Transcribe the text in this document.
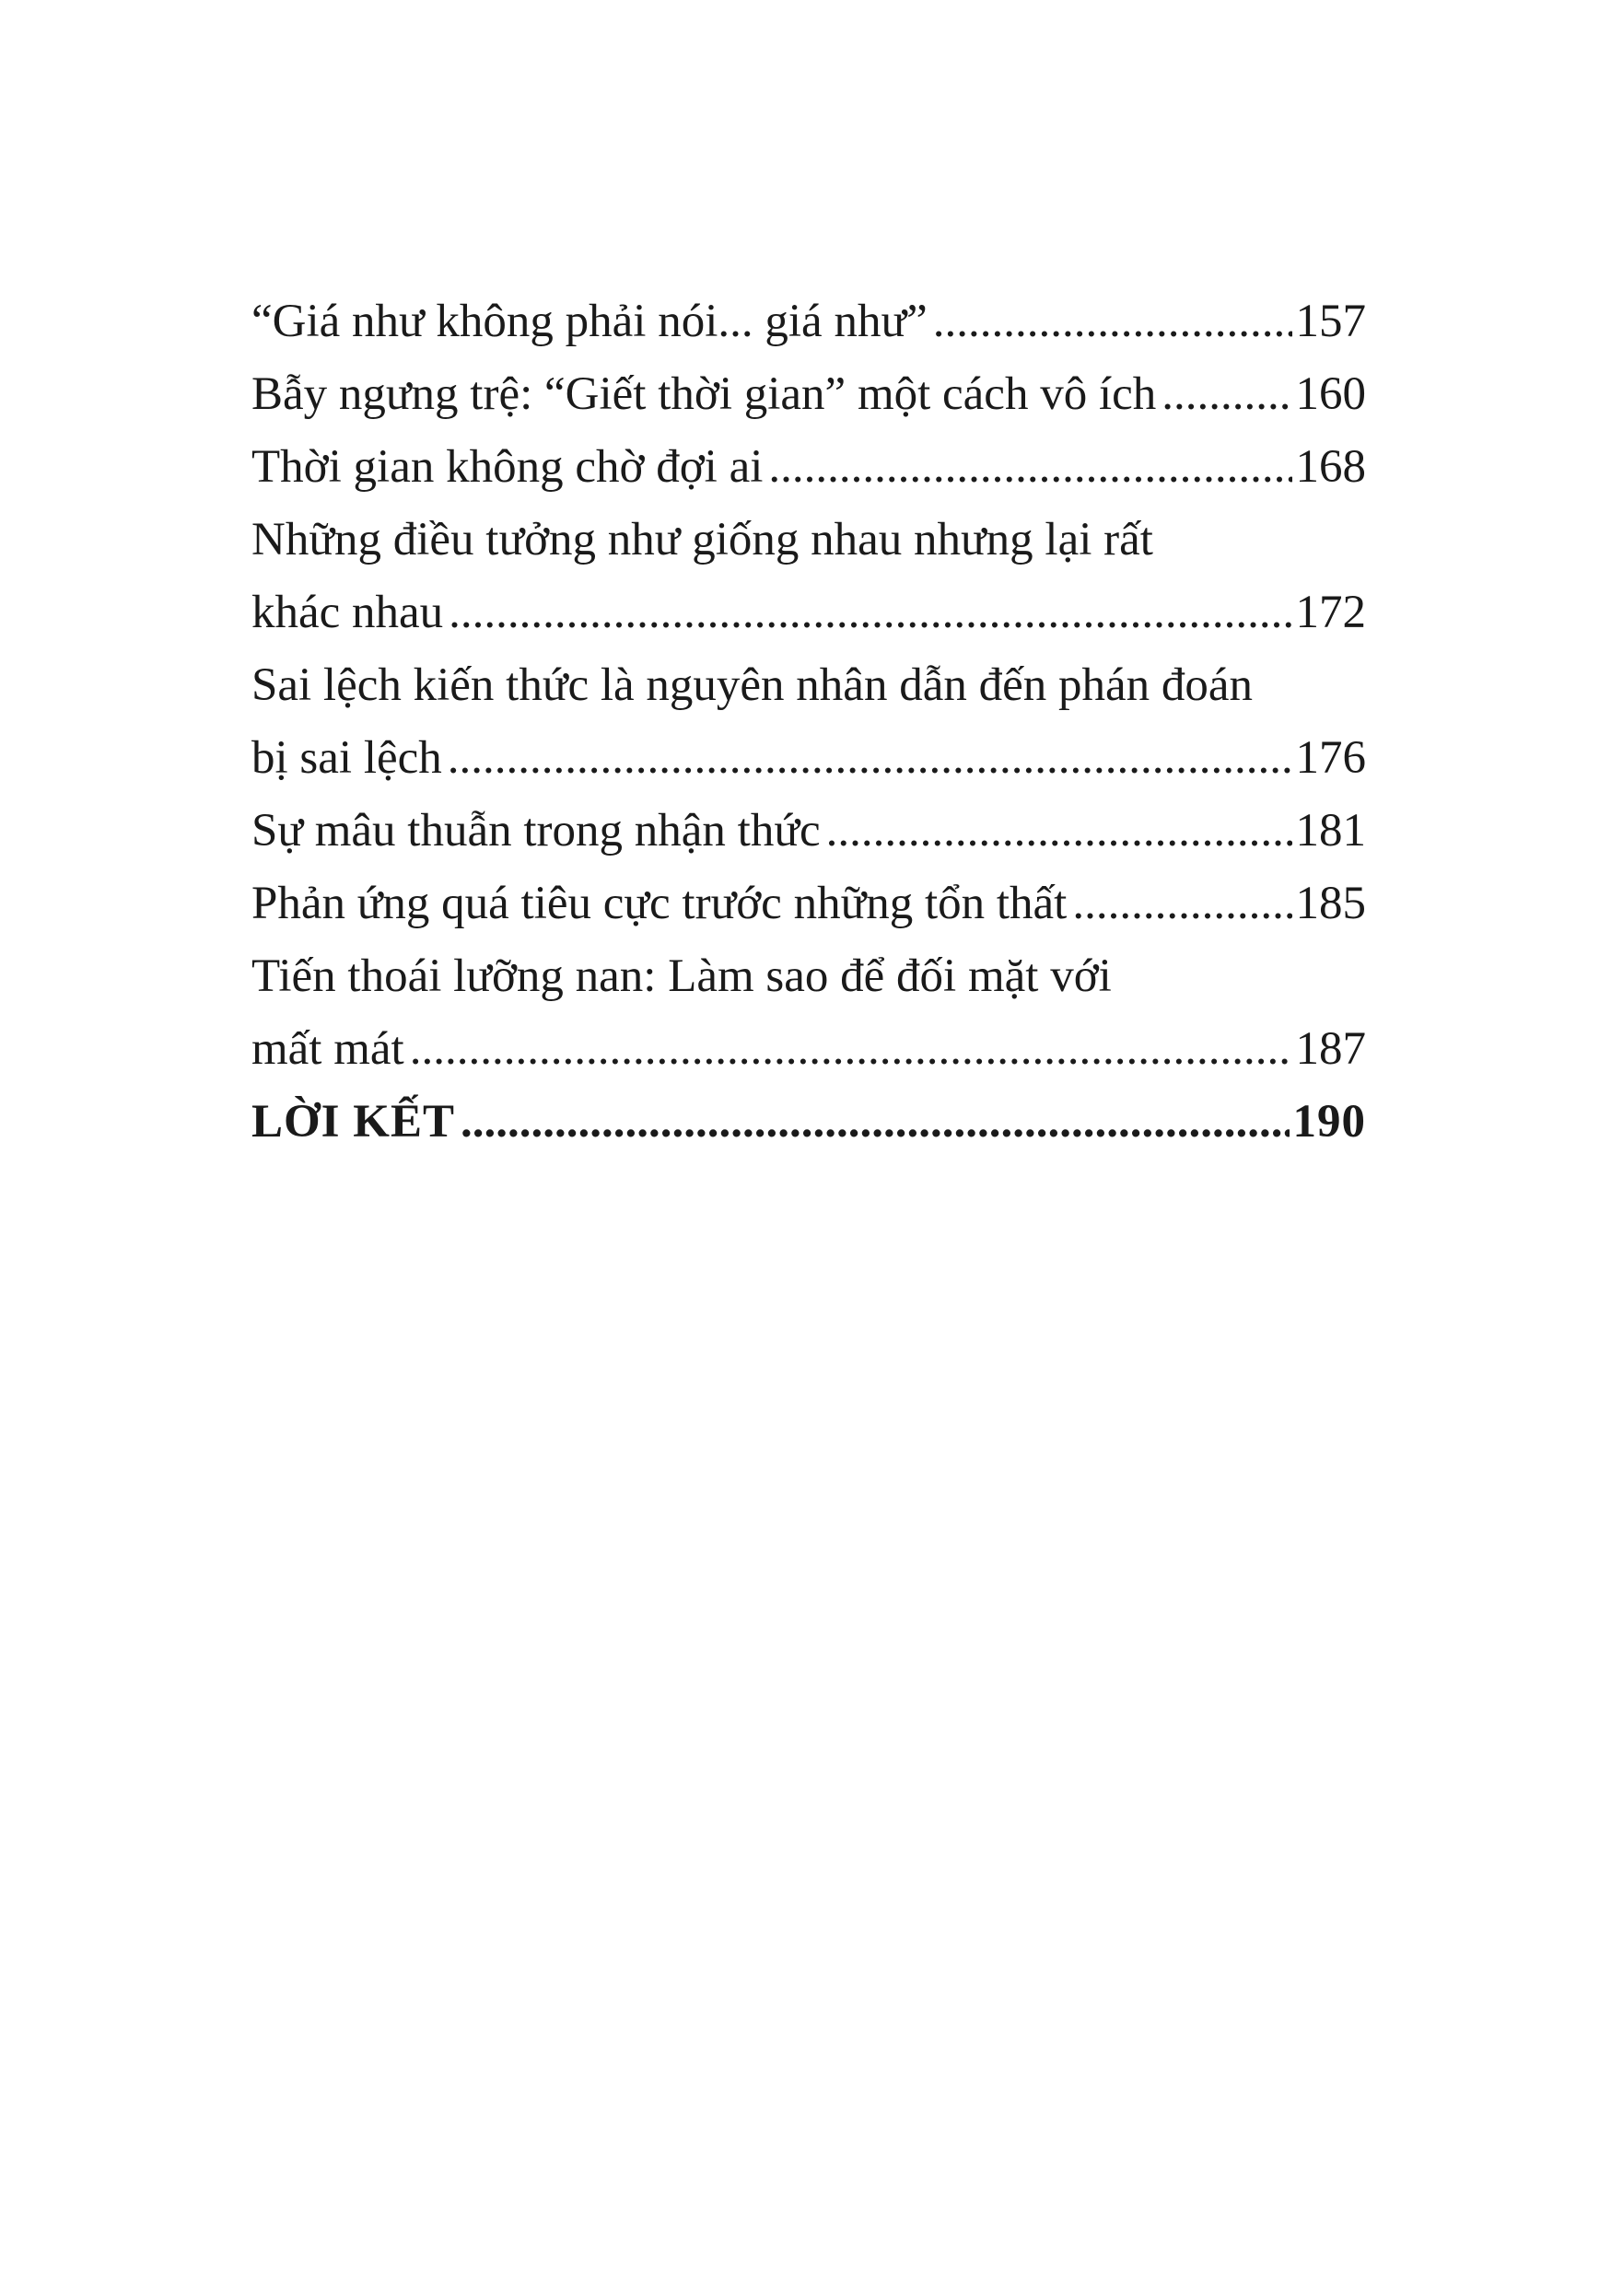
“Giá như không phải nói... giá như” .....	157
Bẫy ngưng trệ: “Giết thời gian” một cách vô ích .....	160
Thời gian không chờ đợi ai .....	168
Những điều tưởng như giống nhau nhưng lại rất
khác nhau .....	172
Sai lệch kiến thức là nguyên nhân dẫn đến phán đoán
bị sai lệch .....	176
Sự mâu thuẫn trong nhận thức .....	181
Phản ứng quá tiêu cực trước những tổn thất .....	185
Tiến thoái lưỡng nan: Làm sao để đối mặt với
mất mát .....	187
LỜI KẾT .....	190
